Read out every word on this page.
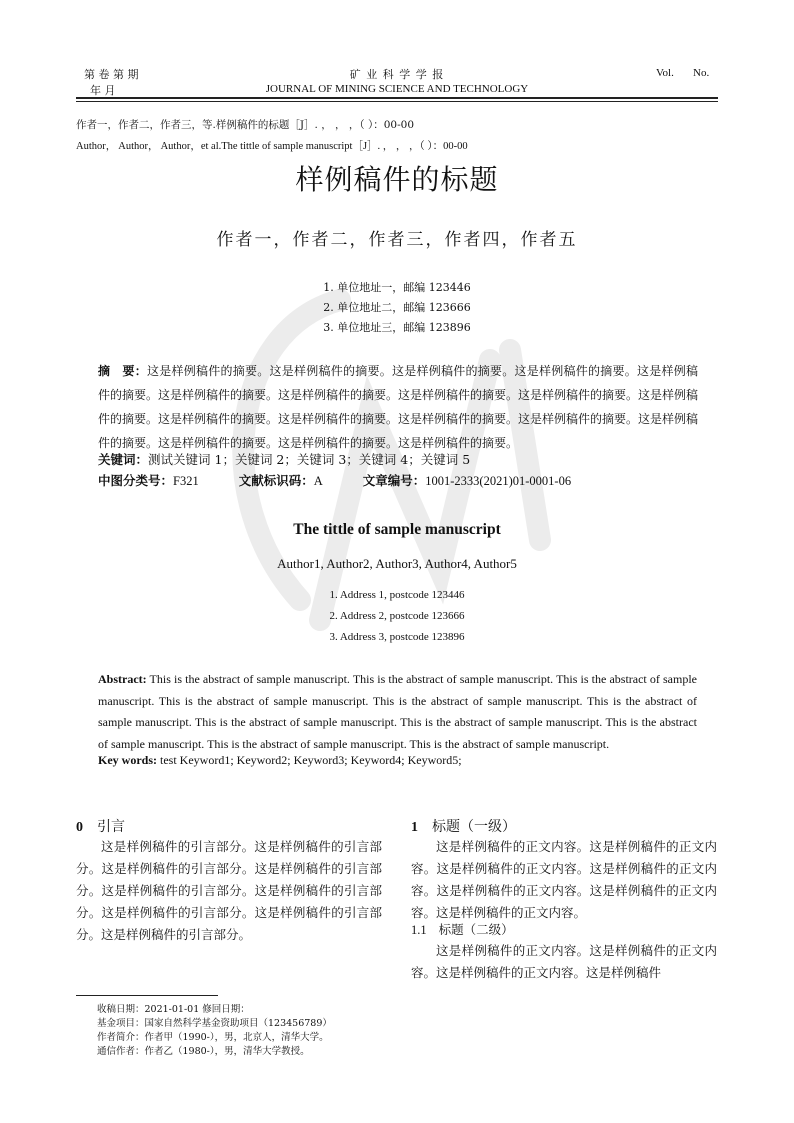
第 卷 第 期
年 月
矿 业 科 学 学 报
JOURNAL OF MINING SCIENCE AND TECHNOLOGY
Vol. No.
作者一，作者二，作者三，等.样例稿件的标题［J］. ， ， ，（ ）：00-00
Author， Author， Author，et al.The tittle of sample manuscript［J］. ， ， ，（ ）：00-00
样例稿件的标题
作者一，作者二，作者三，作者四，作者五
1. 单位地址一，邮编 123446
2. 单位地址二，邮编 123666
3. 单位地址三，邮编 123896
摘　要：这是样例稿件的摘要。这是样例稿件的摘要。这是样例稿件的摘要。这是样例稿件的摘要。这是样例稿件的摘要。这是样例稿件的摘要。这是样例稿件的摘要。这是样例稿件的摘要。这是样例稿件的摘要。这是样例稿件的摘要。这是样例稿件的摘要。这是样例稿件的摘要。这是样例稿件的摘要。这是样例稿件的摘要。这是样例稿件的摘要。这是样例稿件的摘要。这是样例稿件的摘要。这是样例稿件的摘要。
关键词：测试关键词 1；关键词 2；关键词 3；关键词 4；关键词 5
中图分类号：F321	文献标识码：A	文章编号：1001-2333(2021)01-0001-06
The tittle of sample manuscript
Author1, Author2, Author3, Author4, Author5
1. Address 1, postcode 123446
2. Address 2, postcode 123666
3. Address 3, postcode 123896
Abstract: This is the abstract of sample manuscript. This is the abstract of sample manuscript. This is the abstract of sample manuscript. This is the abstract of sample manuscript. This is the abstract of sample manuscript. This is the abstract of sample manuscript. This is the abstract of sample manuscript. This is the abstract of sample manuscript. This is the abstract of sample manuscript. This is the abstract of sample manuscript. This is the abstract of sample manuscript.
Key words: test Keyword1; Keyword2; Keyword3; Keyword4; Keyword5;
0 引言

这是样例稿件的引言部分。这是样例稿件的引言部分。这是样例稿件的引言部分。这是样例稿件的引言部分。这是样例稿件的引言部分。这是样例稿件的引言部分。这是样例稿件的引言部分。这是样例稿件的引言部分。这是样例稿件的引言部分。

1 标题（一级）

这是样例稿件的正文内容。这是样例稿件的正文内容。这是样例稿件的正文内容。这是样例稿件的正文内容。这是样例稿件的正文内容。这是样例稿件的正文内容。这是样例稿件的正文内容。

1.1 标题（二级）

这是样例稿件的正文内容。这是样例稿件的正文内容。这是样例稿件的正文内容。这是样例稿件

收稿日期：2021-01-01 修回日期：
基金项目：国家自然科学基金资助项目（123456789）
作者简介：作者甲（1990-），男，北京人，清华大学。
通信作者：作者乙（1980-），男，清华大学教授。
